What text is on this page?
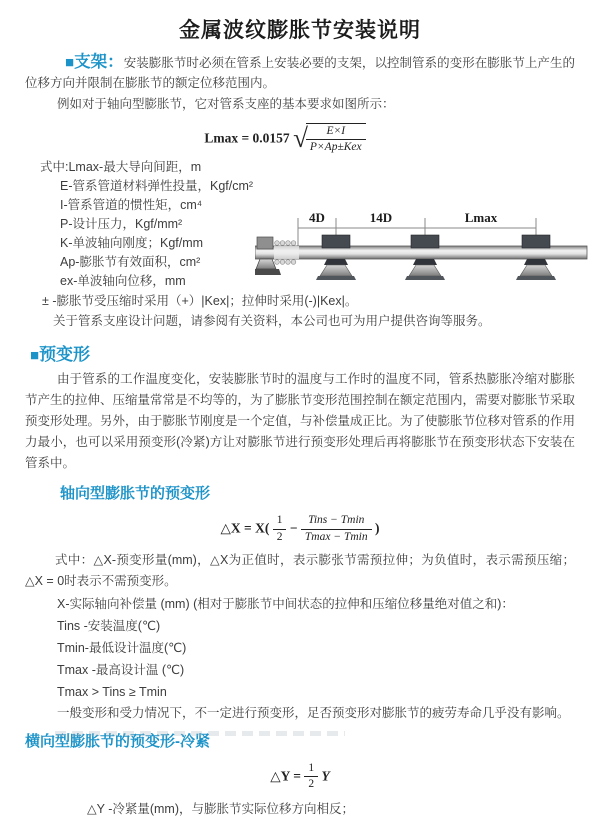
金属波纹膨胀节安装说明

■支架：安装膨胀节时必须在管系上安装必要的支架，以控制管系的变形在膨胀节上产生的位移方向并限制在膨胀节的额定位移范围内。

例如对于轴向型膨胀节，它对管系支座的基本要求如图所示：

Lmax = 0.0157 √ $\frac{E\times I}{\text{P×Ap±Kex}}$
式中:Lmax-最大导向间距，m
E-管系管道材料弹性投量，Kgf/cm²
I-管系管道的惯性矩，cm⁴
P-设计压力，Kgf/mm²
K-单波轴向刚度；Kgf/mm
Ap-膨胀节有效面积，cm²
ex-单波轴向位移，mm
± -膨胀节受压缩时采用（+）|Kex|；拉伸时采用(-)|Kex|。
关于管系支座设计问题，请参阅有关资料，本公司也可为用户提供咨询等服务。
■预变形

由于管系的工作温度变化，安装膨胀节时的温度与工作时的温度不同，管系热膨胀冷缩对膨胀节产生的拉伸、压缩量常常是不均等的，为了膨胀节变形范围控制在额定范围内，需要对膨胀节采取预变形处理。另外，由于膨胀节刚度是一个定值，与补偿量成正比。为了使膨胀节位移对管系的作用力最小，也可以采用预变形(冷紧)方让对膨胀节进行预变形处理后再将膨胀节在预变形状态下安装在管系中。

轴向型膨胀节的预变形
△X = $X( \frac{1}{2} - \frac{\text{Tins − Tmin}}{Tmax - Tmin}$ )

式中：△X-预变形量(mm)，△X为正值时，表示膨张节需预拉伸；为负值时，表示需预压缩；△X = 0时表示不需预变形。

X-实际轴向补偿量 (mm) (相对于膨胀节中间状态的拉伸和压缩位移量绝对值之和)：
Tins -安装温度(℃)
Tmin-最低设计温度(℃)
Tmax -最高设计温 (℃)
Tmax > Tins ≥ Tmin

一般变形和受力情况下，不一定进行预变形，足否预变形对膨胀节的疲劳寿命几乎没有影响。

横向型膨胀节的预变形-冷紧
△Y = $\frac{1}{2}$ Y

△Y -冷紧量(mm)，与膨胀节实际位移方向相反；

4D	14D	Lmax
